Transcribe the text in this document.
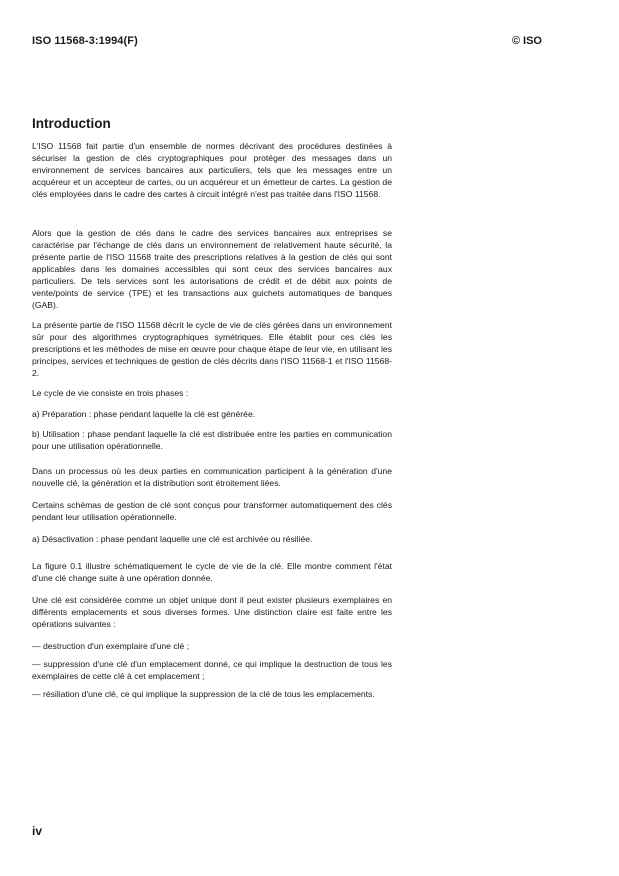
ISO 11568-3:1994(F)	© ISO
Introduction

L'ISO 11568 fait partie d'un ensemble de normes décrivant des procédures destinées à sécuriser la gestion de clés cryptographiques pour protéger des messages dans un environnement de services bancaires aux particuliers, tels que les messages entre un acquéreur et un accepteur de cartes, ou un acquéreur et un émetteur de cartes. La gestion de clés employées dans le cadre des cartes à circuit intégré n'est pas traitée dans l'ISO 11568.

Alors que la gestion de clés dans le cadre des services bancaires aux entreprises se caractérise par l'échange de clés dans un environnement de relativement haute sécurité, la présente partie de l'ISO 11568 traite des prescriptions relatives à la gestion de clés qui sont applicables dans les domaines accessibles qui sont ceux des services bancaires aux particuliers. De tels services sont les autorisations de crédit et de débit aux points de vente/points de service (TPE) et les transactions aux guichets automatiques de banques (GAB).

La présente partie de l'ISO 11568 décrit le cycle de vie de clés gérées dans un environnement sûr pour des algorithmes cryptographiques symétriques. Elle établit pour ces clés les prescriptions et les méthodes de mise en œuvre pour chaque étape de leur vie, en utilisant les principes, services et techniques de gestion de clés décrits dans l'ISO 11568-1 et l'ISO 11568-2.

Le cycle de vie consiste en trois phases :

a) Préparation : phase pendant laquelle la clé est générée.

b) Utilisation : phase pendant laquelle la clé est distribuée entre les parties en communication pour une utilisation opérationnelle.

Dans un processus où les deux parties en communication participent à la génération d'une nouvelle clé, la génération et la distribution sont étroitement liées.

Certains schémas de gestion de clé sont conçus pour transformer automatiquement des clés pendant leur utilisation opérationnelle.

a) Désactivation : phase pendant laquelle une clé est archivée ou résiliée.

La figure 0.1 illustre schématiquement le cycle de vie de la clé. Elle montre comment l'état d'une clé change suite à une opération donnée.

Une clé est considérée comme un objet unique dont il peut exister plusieurs exemplaires en différents emplacements et sous diverses formes. Une distinction claire est faite entre les opérations suivantes :

— destruction d'un exemplaire d'une clé ;

— suppression d'une clé d'un emplacement donné, ce qui implique la destruction de tous les exemplaires de cette clé à cet emplacement ;

— résiliation d'une clé, ce qui implique la suppression de la clé de tous les emplacements.

iv
